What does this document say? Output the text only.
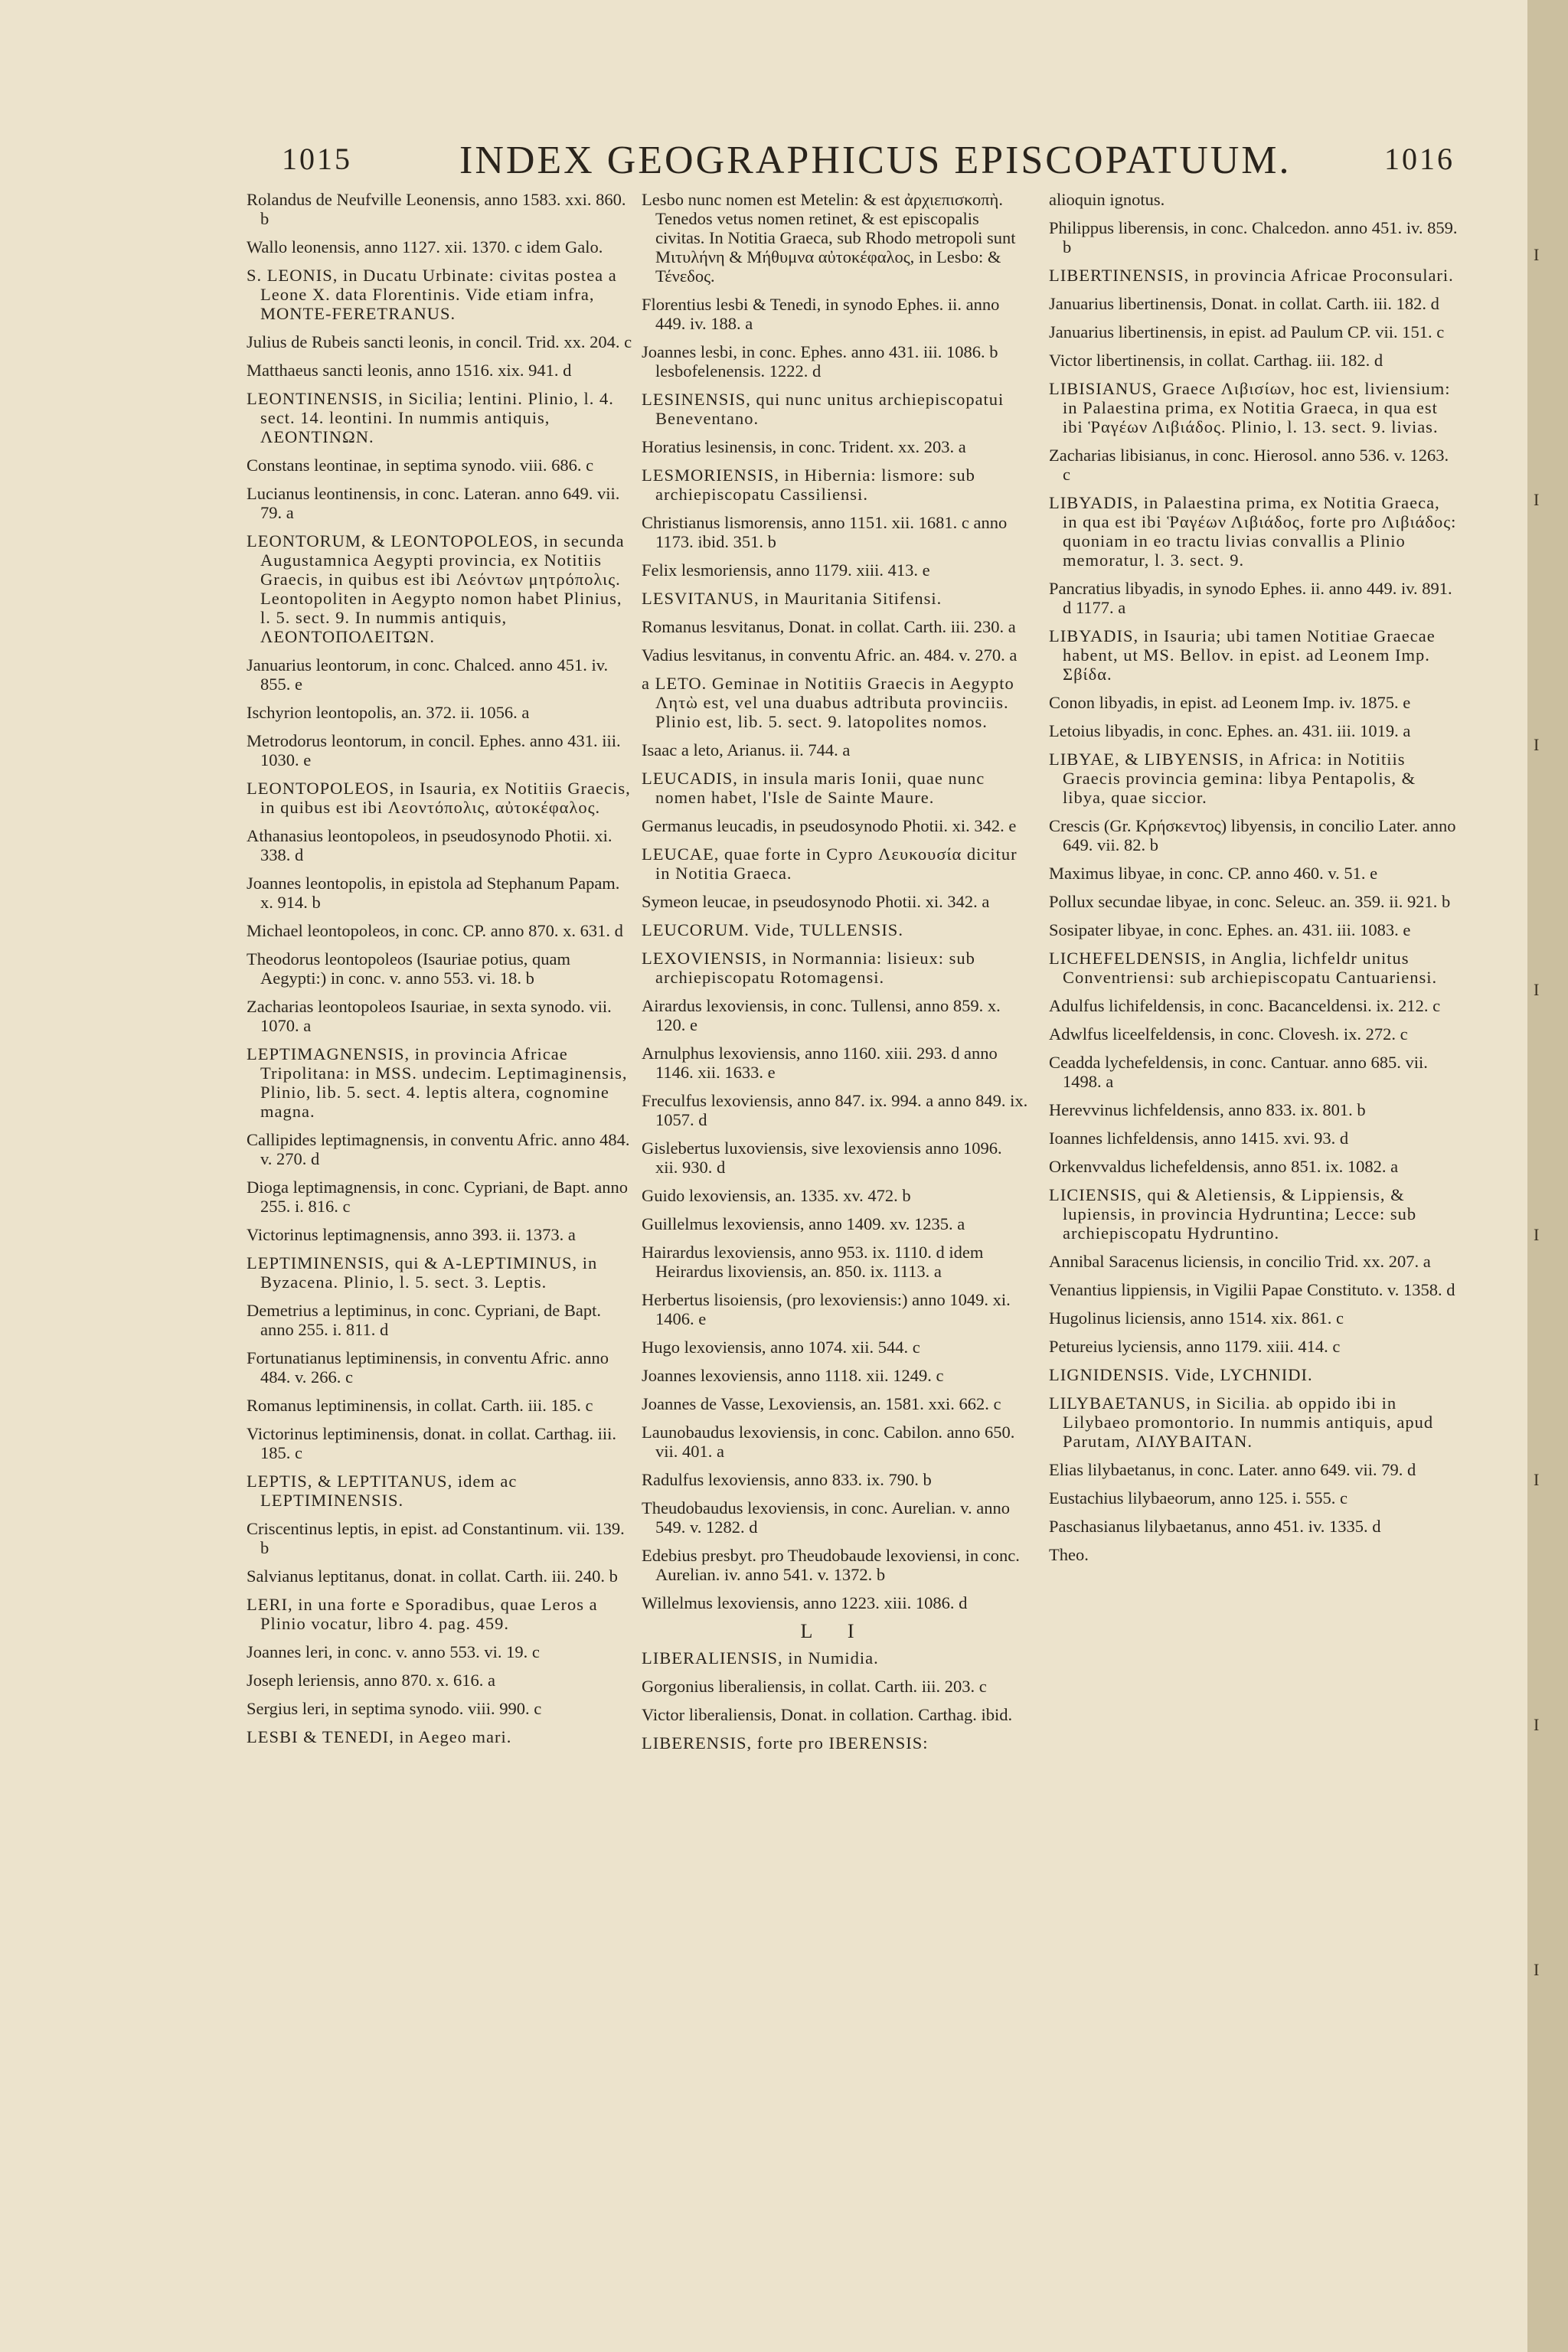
1015	INDEX GEOGRAPHICUS EPISCOPATUUM.	1016
Rolandus de Neufville Leonensis, anno 1583. xxi. 860. b
Wallo leonensis, anno 1127. xii. 1370. c idem Galo.
S. LEONIS, in Ducatu Urbinate: civitas postea a Leone X. data Florentinis. Vide etiam infra, MONTE-FERETRANUS.
Julius de Rubeis sancti leonis, in concil. Trid. xx. 204. c
Matthaeus sancti leonis, anno 1516. xix. 941. d
LEONTINENSIS, in Sicilia; lentini. Plinio, l. 4. sect. 14. leontini. In nummis antiquis, ΛΕΟΝΤΙΝΩΝ.
Constans leontinae, in septima synodo. viii. 686. c
Lucianus leontinensis, in conc. Lateran. anno 649. vii. 79. a
LEONTORUM, & LEONTOPOLEOS, in secunda Augustamnica Aegypti provincia, ex Notitiis Graecis, in quibus est ibi Λεόντων μητρόπολις. Leontopoliten in Aegypto nomon habet Plinius, l. 5. sect. 9. In nummis antiquis, ΛΕΟΝΤΟΠΟΛΕΙΤΩΝ.
Januarius leontorum, in conc. Chalced. anno 451. iv. 855. e
Ischyrion leontopolis, an. 372. ii. 1056. a
Metrodorus leontorum, in concil. Ephes. anno 431. iii. 1030. e
LEONTOPOLEOS, in Isauria, ex Notitiis Graecis, in quibus est ibi Λεοντόπολις, αὐτοκέφαλος.
Athanasius leontopoleos, in pseudosynodo Photii. xi. 338. d
Joannes leontopolis, in epistola ad Stephanum Papam. x. 914. b
Michael leontopoleos, in conc. CP. anno 870. x. 631. d
Theodorus leontopoleos (Isauriae potius, quam Aegypti:) in conc. v. anno 553. vi. 18. b
Zacharias leontopoleos Isauriae, in sexta synodo. vii. 1070. a
LEPTIMAGNENSIS, in provincia Africae Tripolitana: in MSS. undecim. Leptimaginensis, Plinio, lib. 5. sect. 4. leptis altera, cognomine magna.
Callipides leptimagnensis, in conventu Afric. anno 484. v. 270. d
Dioga leptimagnensis, in conc. Cypriani, de Bapt. anno 255. i. 816. c
Victorinus leptimagnensis, anno 393. ii. 1373. a
LEPTIMINENSIS, qui & A-LEPTIMINUS, in Byzacena. Plinio, l. 5. sect. 3. Leptis.
Demetrius a leptiminus, in conc. Cypriani, de Bapt. anno 255. i. 811. d
Fortunatianus leptiminensis, in conventu Afric. anno 484. v. 266. c
Romanus leptiminensis, in collat. Carth. iii. 185. c
Victorinus leptiminensis, donat. in collat. Carthag. iii. 185. c
LEPTIS, & LEPTITANUS, idem ac LEPTIMINENSIS.
Criscentinus leptis, in epist. ad Constantinum. vii. 139. b
Salvianus leptitanus, donat. in collat. Carth. iii. 240. b
LERI, in una forte e Sporadibus, quae Leros a Plinio vocatur, libro 4. pag. 459.
Joannes leri, in conc. v. anno 553. vi. 19. c
Joseph leriensis, anno 870. x. 616. a
Sergius leri, in septima synodo. viii. 990. c
LESBI & TENEDI, in Aegeo mari.
Lesbo nunc nomen est Metelin: & est ἀρχιεπισκοπὴ. Tenedos vetus nomen retinet, & est episcopalis civitas. In Notitia Graeca, sub Rhodo metropoli sunt Μιτυλήνη & Μήθυμνα αὐτοκέφαλος, in Lesbo: & Τένεδος.
Florentius lesbi & Tenedi, in synodo Ephes. ii. anno 449. iv. 188. a
Joannes lesbi, in conc. Ephes. anno 431. iii. 1086. b lesbofelenensis. 1222. d
LESINENSIS, qui nunc unitus archiepiscopatui Beneventano.
Horatius lesinensis, in conc. Trident. xx. 203. a
LESMORIENSIS, in Hibernia: lismore: sub archiepiscopatu Cassiliensi.
Christianus lismorensis, anno 1151. xii. 1681. c anno 1173. ibid. 351. b
Felix lesmoriensis, anno 1179. xiii. 413. e
LESVITANUS, in Mauritania Sitifensi.
Romanus lesvitanus, Donat. in collat. Carth. iii. 230. a
Vadius lesvitanus, in conventu Afric. an. 484. v. 270. a
a LETO. Geminae in Notitiis Graecis in Aegypto Λητὼ est, vel una duabus adtributa provinciis. Plinio est, lib. 5. sect. 9. latopolites nomos.
Isaac a leto, Arianus. ii. 744. a
LEUCADIS, in insula maris Ionii, quae nunc nomen habet, l'Isle de Sainte Maure.
Germanus leucadis, in pseudosynodo Photii. xi. 342. e
LEUCAE, quae forte in Cypro Λευκουσία dicitur in Notitia Graeca.
Symeon leucae, in pseudosynodo Photii. xi. 342. a
LEUCORUM. Vide, TULLENSIS.
LEXOVIENSIS, in Normannia: lisieux: sub archiepiscopatu Rotomagensi.
Airardus lexoviensis, in conc. Tullensi, anno 859. x. 120. e
Arnulphus lexoviensis, anno 1160. xiii. 293. d anno 1146. xii. 1633. e
Freculfus lexoviensis, anno 847. ix. 994. a anno 849. ix. 1057. d
Gislebertus luxoviensis, sive lexoviensis anno 1096. xii. 930. d
Guido lexoviensis, an. 1335. xv. 472. b
Guillelmus lexoviensis, anno 1409. xv. 1235. a
Hairardus lexoviensis, anno 953. ix. 1110. d idem Heirardus lixoviensis, an. 850. ix. 1113. a
Herbertus lisoiensis, (pro lexoviensis:) anno 1049. xi. 1406. e
Hugo lexoviensis, anno 1074. xii. 544. c
Joannes lexoviensis, anno 1118. xii. 1249. c
Joannes de Vasse, Lexoviensis, an. 1581. xxi. 662. c
Launobaudus lexoviensis, in conc. Cabilon. anno 650. vii. 401. a
Radulfus lexoviensis, anno 833. ix. 790. b
Theudobaudus lexoviensis, in conc. Aurelian. v. anno 549. v. 1282. d
Edebius presbyt. pro Theudobaude lexoviensi, in conc. Aurelian. iv. anno 541. v. 1372. b
Willelmus lexoviensis, anno 1223. xiii. 1086. d
L I
LIBERALIENSIS, in Numidia.
Gorgonius liberaliensis, in collat. Carth. iii. 203. c
Victor liberaliensis, Donat. in collation. Carthag. ibid.
LIBERENSIS, forte pro IBERENSIS:
alioquin ignotus.
Philippus liberensis, in conc. Chalcedon. anno 451. iv. 859. b
LIBERTINENSIS, in provincia Africae Proconsulari.
Januarius libertinensis, Donat. in collat. Carth. iii. 182. d
Januarius libertinensis, in epist. ad Paulum CP. vii. 151. c
Victor libertinensis, in collat. Carthag. iii. 182. d
LIBISIANUS, Graece Λιβισίων, hoc est, liviensium: in Palaestina prima, ex Notitia Graeca, in qua est ibi Ῥαγέων Λιβιάδος. Plinio, l. 13. sect. 9. livias.
Zacharias libisianus, in conc. Hierosol. anno 536. v. 1263. c
LIBYADIS, in Palaestina prima, ex Notitia Graeca, in qua est ibi Ῥαγέων Λιβιάδος, forte pro Λιβιάδος: quoniam in eo tractu livias convallis a Plinio memoratur, l. 3. sect. 9.
Pancratius libyadis, in synodo Ephes. ii. anno 449. iv. 891. d 1177. a
LIBYADIS, in Isauria; ubi tamen Notitiae Graecae habent, ut MS. Bellov. in epist. ad Leonem Imp. Σβίδα.
Conon libyadis, in epist. ad Leonem Imp. iv. 1875. e
Letoius libyadis, in conc. Ephes. an. 431. iii. 1019. a
LIBYAE, & LIBYENSIS, in Africa: in Notitiis Graecis provincia gemina: libya Pentapolis, & libya, quae siccior.
Crescis (Gr. Κρήσκεντος) libyensis, in concilio Later. anno 649. vii. 82. b
Maximus libyae, in conc. CP. anno 460. v. 51. e
Pollux secundae libyae, in conc. Seleuc. an. 359. ii. 921. b
Sosipater libyae, in conc. Ephes. an. 431. iii. 1083. e
LICHEFELDENSIS, in Anglia, lichfeldr unitus Conventriensi: sub archiepiscopatu Cantuariensi.
Adulfus lichifeldensis, in conc. Bacanceldensi. ix. 212. c
Adwlfus liceelfeldensis, in conc. Clovesh. ix. 272. c
Ceadda lychefeldensis, in conc. Cantuar. anno 685. vii. 1498. a
Herevvinus lichfeldensis, anno 833. ix. 801. b
Ioannes lichfeldensis, anno 1415. xvi. 93. d
Orkenvvaldus lichefeldensis, anno 851. ix. 1082. a
LICIENSIS, qui & Aletiensis, & Lippiensis, & lupiensis, in provincia Hydruntina; Lecce: sub archiepiscopatu Hydruntino.
Annibal Saracenus liciensis, in concilio Trid. xx. 207. a
Venantius lippiensis, in Vigilii Papae Constituto. v. 1358. d
Hugolinus liciensis, anno 1514. xix. 861. c
Petureius lyciensis, anno 1179. xiii. 414. c
LIGNIDENSIS. Vide, LYCHNIDI.
LILYBAETANUS, in Sicilia. ab oppido ibi in Lilybaeo promontorio. In nummis antiquis, apud Parutam, ΛΙΛΥΒΑΙΤΑΝ.
Elias lilybaetanus, in conc. Later. anno 649. vii. 79. d
Eustachius lilybaeorum, anno 125. i. 555. c
Paschasianus lilybaetanus, anno 451. iv. 1335. d
Theo.
I
I
I
I
I
I
I
I
